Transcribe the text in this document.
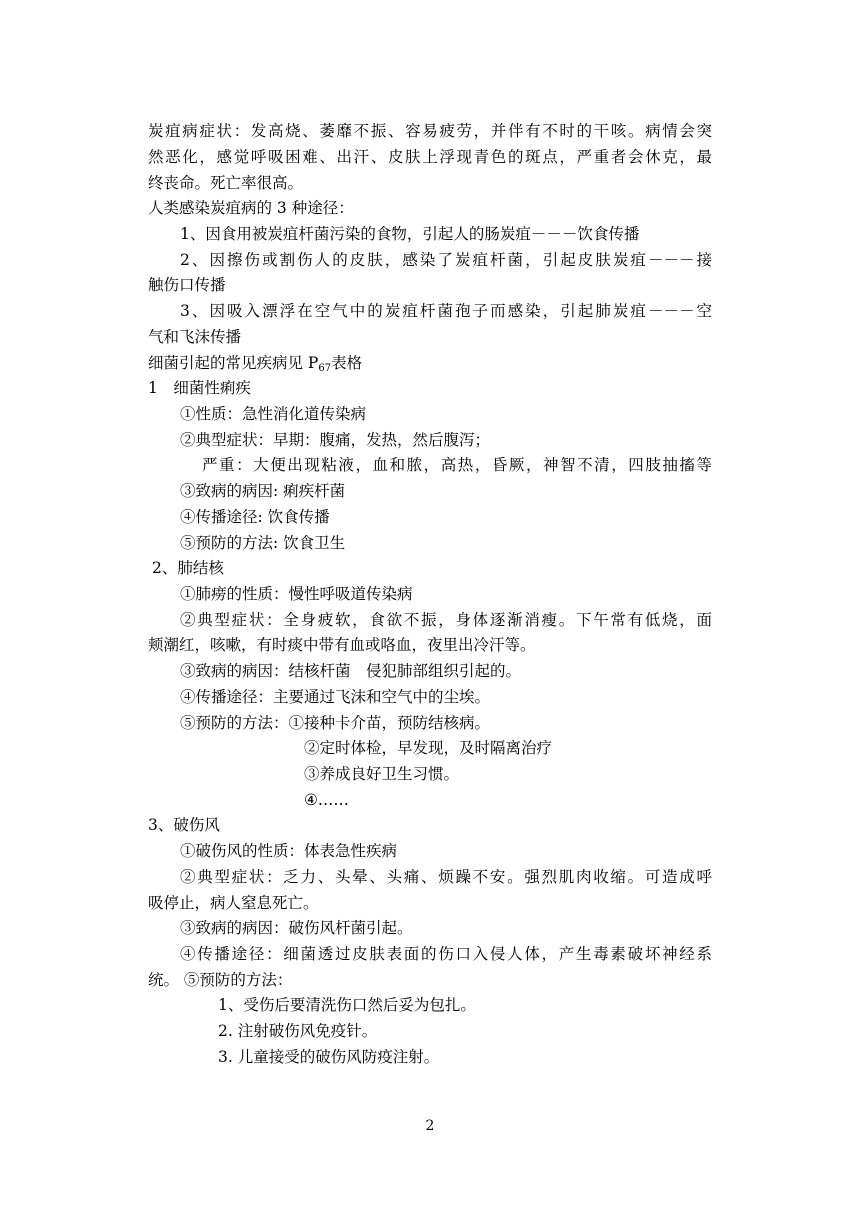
炭疽病症状：发高烧、萎靡不振、容易疲劳，并伴有不时的干咳。病情会突
然恶化，感觉呼吸困难、出汗、皮肤上浮现青色的斑点，严重者会休克，最
终丧命。死亡率很高。
人类感染炭疽病的 3 种途径：
1、因食用被炭疽杆菌污染的食物，引起人的肠炭疽－－－饮食传播
2、因擦伤或割伤人的皮肤，感染了炭疽杆菌，引起皮肤炭疽－－－接
触伤口传播
3、因吸入漂浮在空气中的炭疽杆菌孢子而感染，引起肺炭疽－－－空
气和飞沫传播
细菌引起的常见疾病见 $P_{67}$表格
1　细菌性痢疾
①性质：急性消化道传染病
②典型症状：早期：腹痛，发热，然后腹泻；
严重：大便出现粘液，血和脓，高热，昏厥，神智不清，四肢抽搐等
③致病的病因: 痢疾杆菌
④传播途径: 饮食传播
⑤预防的方法: 饮食卫生
2、肺结核
①肺痨的性质：慢性呼吸道传染病
②典型症状：全身疲软，食欲不振，身体逐渐消瘦。下午常有低烧，面
颊潮红，咳嗽，有时痰中带有血或咯血，夜里出冷汗等。
③致病的病因：结核杆菌　侵犯肺部组织引起的。
④传播途径：主要通过飞沫和空气中的尘埃。
⑤预防的方法：①接种卡介苗，预防结核病。
②定时体检，早发现，及时隔离治疗
③养成良好卫生习惯。
④……
3、破伤风
①破伤风的性质：体表急性疾病
②典型症状：乏力、头晕、头痛、烦躁不安。强烈肌肉收缩。可造成呼
吸停止，病人窒息死亡。
③致病的病因：破伤风杆菌引起。
④传播途径：细菌透过皮肤表面的伤口入侵人体，产生毒素破坏神经系
统。 ⑤预防的方法：
1、受伤后要清洗伤口然后妥为包扎。
2. 注射破伤风免疫针。
3. 儿童接受的破伤风防疫注射。
2
